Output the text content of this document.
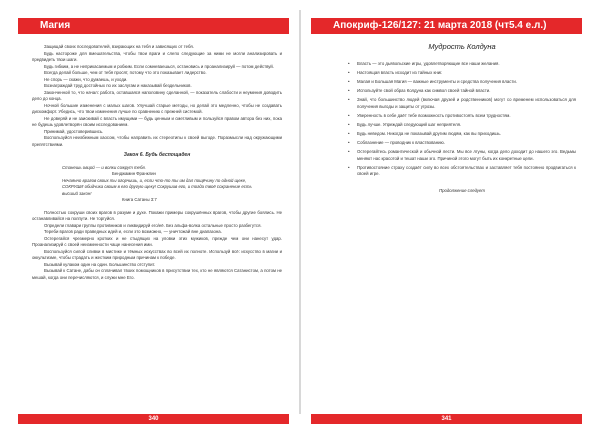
Магия	Апокриф-126/127: 21 марта 2018 (чт5.4 е.л.)

Защищай своих последователей, взирающих на тебя и зависящих от тебя.

Будь настороже для вмешательства, чтобы твои враги и слепо следующие за ними не могли анализировать и предвидеть твои шаги.

Будь гибким, а не неприкасаемым и робким. Если сомневаешься, остановись и проанализируй — потом действуй.

Всегда делай больше, чем от тебя просят, потому что это показывает лидерство.

Не спорь — скажи, что думаешь, и уходи.

Вознаграждай труд достойных по их заслугам и наказывай бездельников.

Законченной то, что начал: работа, оставшаяся наполовину сделанной, — показатель слабости и неумения доводить дело до конца.

Ночной большие изменения с малых шагов. Улучшай старые методы, но делай это медленно, чтобы не создавать дискомфорт. Убедись, что твои изменения лучше по сравнению с прежней системой.

Не доверяй и не заискивай с власть имущими — будь ценным и сметливым и пользуйся правом автора без них, пока не будешь удовлетворён своим исследованием.

Принимай, удостоверившись.

Воспользуйся неизбежным хаосом, чтобы направить их стереотипы к своей выгоде. Поразмысли над окружающими препятствиями.

Закон 6. Будь беспощаден

Станешь овцой — и волки сожрут тебя.

Бенджамин Франклин

Нечаянно врагов своих ты огорчишь, и, если что-то ты им дал пощёчину по одной щеке, СОКРУШИ обидчика своим в его другую щеку! Сокрушив его, и тогда твоё сохранение есть высший закон!

Книга Сатаны 3:7

Полностью сокруши своих врагов в разуме и духе. Покажи примеры сокрушённых врагов, чтобы другие боялись. Не останавливайся на полпути. Не торгуйся.

Определи главари группы противников и ликвидируй его/её. Без альфа-волка остальные просто разбегутся.

Тереби врагов ради праведных идей и, если это возможно, — уничтожай вне диапазона.

Остерегайся чрезмерно кротких и не стыдящих на уловки этих мужиков, прежде чем они нанесут удар. Проанализируй с своей неизменности чаще нанесения ими.

Воспользуйся силой сливки в мистике и тёмных искусствах во всей их полноте. Используй всё: искусство в магии и оккультизме, чтобы страдать и жестким природным причинам к победе.

Вызывай кулаком один на один. Большинство отступит.

Вызывай к Сатане, дабы он сплачивал твоих помощников в присутствии тех, кто не являются Сатанистом, а потом не мешай, когда они перечисляются, и служи мне Его.

Мудрость Колдуна
• Власть — это дьявольские игры, удовлетворяющие все наши желания.
• Настоящая власть исходит из тайных книг.
• Малая и Большая Магия — важные инструменты и средства получения власти.
• Используйте свой образ Колдуна как символ своей тайной власти.
• Знай, что большинство людей (включая друзей и родственников) могут со временем использоваться для получения выгоды и защиты от угрозы.
• Уверенность в себе даёт тебе возможность противостоять всем трудностям.
• Будь лучше. Упреждай следующий шаг неприятеля.
• Будь неведом. Никогда не показывай другим людям, как вы приходишь.
• Соблазнение — проводник к властвованию.
• Остерегайтесь романтической и обычной лести. Мы все лгуны, когда дело доходит до нашего эго. Ведьмы меняют нас красотой и тешат наши эго. Причиной этого могут быть их конкретные цели.
• Противостояние страху создаёт силу во всех обстоятельствах и заставляет тебя постоянно продвигаться к своей игре.
Продолжение следует
340	341
